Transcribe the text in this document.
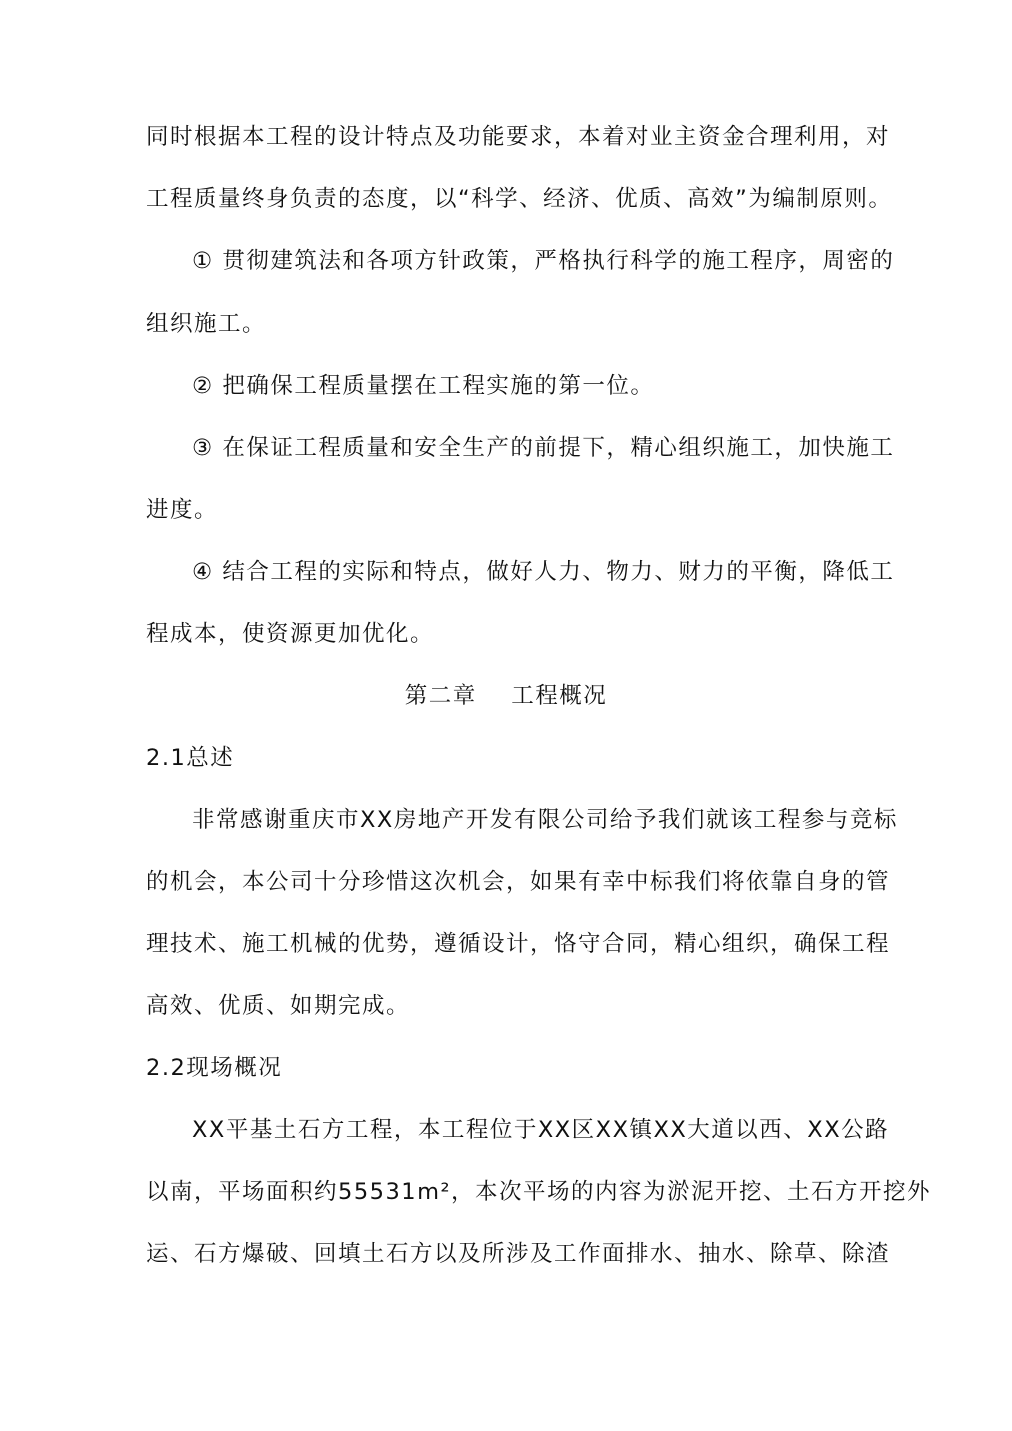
同时根据本工程的设计特点及功能要求，本着对业主资金合理利用，对
工程质量终身负责的态度，以“科学、经济、优质、高效”为编制原则。
① 贯彻建筑法和各项方针政策，严格执行科学的施工程序，周密的
组织施工。
② 把确保工程质量摆在工程实施的第一位。
③ 在保证工程质量和安全生产的前提下，精心组织施工，加快施工
进度。
④ 结合工程的实际和特点，做好人力、物力、财力的平衡，降低工
程成本，使资源更加优化。
第二章    工程概况
2.1总述
非常感谢重庆市XX房地产开发有限公司给予我们就该工程参与竞标
的机会，本公司十分珍惜这次机会，如果有幸中标我们将依靠自身的管
理技术、施工机械的优势，遵循设计，恪守合同，精心组织，确保工程
高效、优质、如期完成。
2.2现场概况
XX平基土石方工程，本工程位于XX区XX镇XX大道以西、XX公路
以南，平场面积约55531m²，本次平场的内容为淤泥开挖、土石方开挖外
运、石方爆破、回填土石方以及所涉及工作面排水、抽水、除草、除渣
